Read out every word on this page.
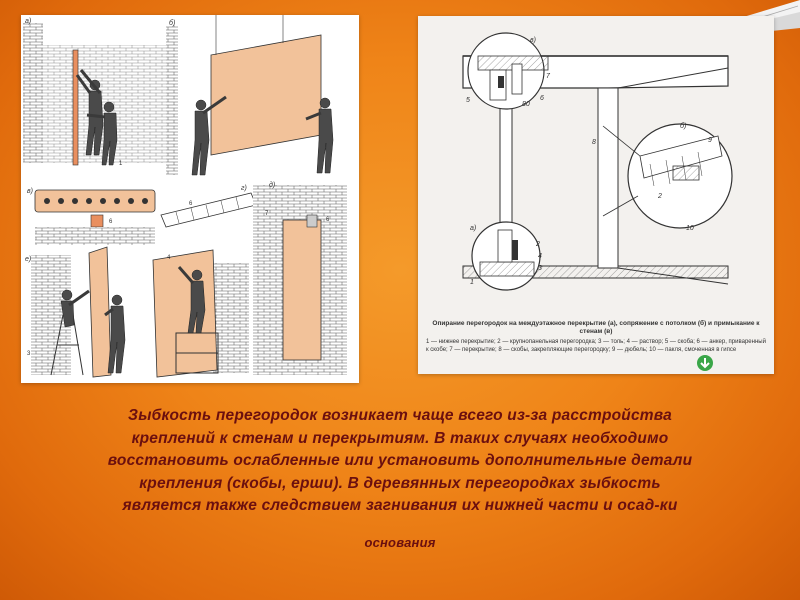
а)
1
б)
в)
6
г)
6
д)
7
6
е)
3
4
в)
б)
а)
5	6
80
7
8	9
10
2
1
2
4
3
Опирание перегородок на междуэтажное перекрытие (а), сопряжение с потолком (б) и примыкание к стенам (в)
1 — нижнее перекрытие; 2 — крупнопанельная перегородка; 3 — толь; 4 — раствор; 5 — скоба; 6 — анкер, приваренный к скобе; 7 — перекрытие; 8 — скобы, закрепляющие перегородку; 9 — дюбель; 10 — пакля, смоченная в гипсе
Зыбкость перегородок возникает чаще всего из-за расстройства
креплений к стенам и перекрытиям. В таких случаях необходимо
восстановить ослабленные или установить дополнительные детали
крепления (скобы, ерши). В деревянных перегородках зыбкость
является также следствием загнивания их нижней части и осад-ки
основания
